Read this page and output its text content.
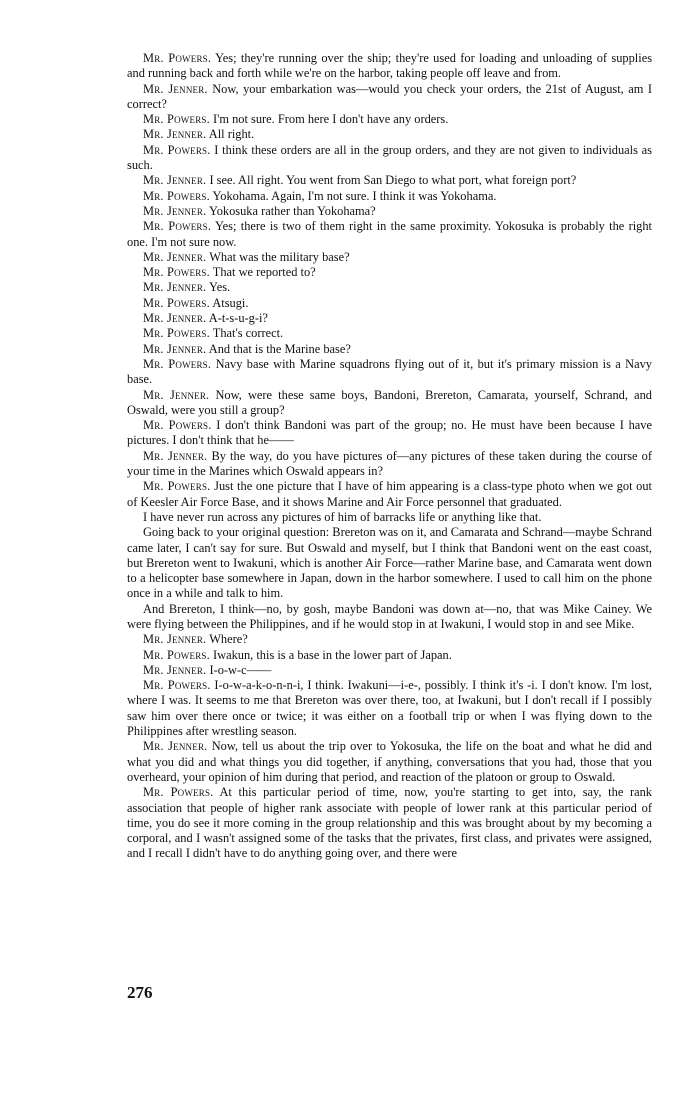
Mr. Powers. Yes; they're running over the ship; they're used for loading and unloading of supplies and running back and forth while we're on the harbor, taking people off leave and from.

Mr. Jenner. Now, your embarkation was—would you check your orders, the 21st of August, am I correct?

Mr. Powers. I'm not sure. From here I don't have any orders.

Mr. Jenner. All right.

Mr. Powers. I think these orders are all in the group orders, and they are not given to individuals as such.

Mr. Jenner. I see. All right. You went from San Diego to what port, what foreign port?

Mr. Powers. Yokohama. Again, I'm not sure. I think it was Yokohama.

Mr. Jenner. Yokosuka rather than Yokohama?

Mr. Powers. Yes; there is two of them right in the same proximity. Yokosuka is probably the right one. I'm not sure now.

Mr. Jenner. What was the military base?

Mr. Powers. That we reported to?

Mr. Jenner. Yes.

Mr. Powers. Atsugi.

Mr. Jenner. A-t-s-u-g-i?

Mr. Powers. That's correct.

Mr. Jenner. And that is the Marine base?

Mr. Powers. Navy base with Marine squadrons flying out of it, but it's primary mission is a Navy base.

Mr. Jenner. Now, were these same boys, Bandoni, Brereton, Camarata, yourself, Schrand, and Oswald, were you still a group?

Mr. Powers. I don't think Bandoni was part of the group; no. He must have been because I have pictures. I don't think that he——

Mr. Jenner. By the way, do you have pictures of—any pictures of these taken during the course of your time in the Marines which Oswald appears in?

Mr. Powers. Just the one picture that I have of him appearing is a class-type photo when we got out of Keesler Air Force Base, and it shows Marine and Air Force personnel that graduated.

I have never run across any pictures of him of barracks life or anything like that.

Going back to your original question: Brereton was on it, and Camarata and Schrand—maybe Schrand came later, I can't say for sure. But Oswald and myself, but I think that Bandoni went on the east coast, but Brereton went to Iwakuni, which is another Air Force—rather Marine base, and Camarata went down to a helicopter base somewhere in Japan, down in the harbor somewhere. I used to call him on the phone once in a while and talk to him.

And Brereton, I think—no, by gosh, maybe Bandoni was down at—no, that was Mike Cainey. We were flying between the Philippines, and if he would stop in at Iwakuni, I would stop in and see Mike.

Mr. Jenner. Where?

Mr. Powers. Iwakun, this is a base in the lower part of Japan.

Mr. Jenner. I-o-w-c——

Mr. Powers. I-o-w-a-k-o-n-n-i, I think. Iwakuni—i-e-, possibly. I think it's -i. I don't know. I'm lost, where I was. It seems to me that Brereton was over there, too, at Iwakuni, but I don't recall if I possibly saw him over there once or twice; it was either on a football trip or when I was flying down to the Philippines after wrestling season.

Mr. Jenner. Now, tell us about the trip over to Yokosuka, the life on the boat and what he did and what you did and what things you did together, if anything, conversations that you had, those that you overheard, your opinion of him during that period, and reaction of the platoon or group to Oswald.

Mr. Powers. At this particular period of time, now, you're starting to get into, say, the rank association that people of higher rank associate with people of lower rank at this particular period of time, you do see it more coming in the group relationship and this was brought about by my becoming a corporal, and I wasn't assigned some of the tasks that the privates, first class, and privates were assigned, and I recall I didn't have to do anything going over, and there were

276
